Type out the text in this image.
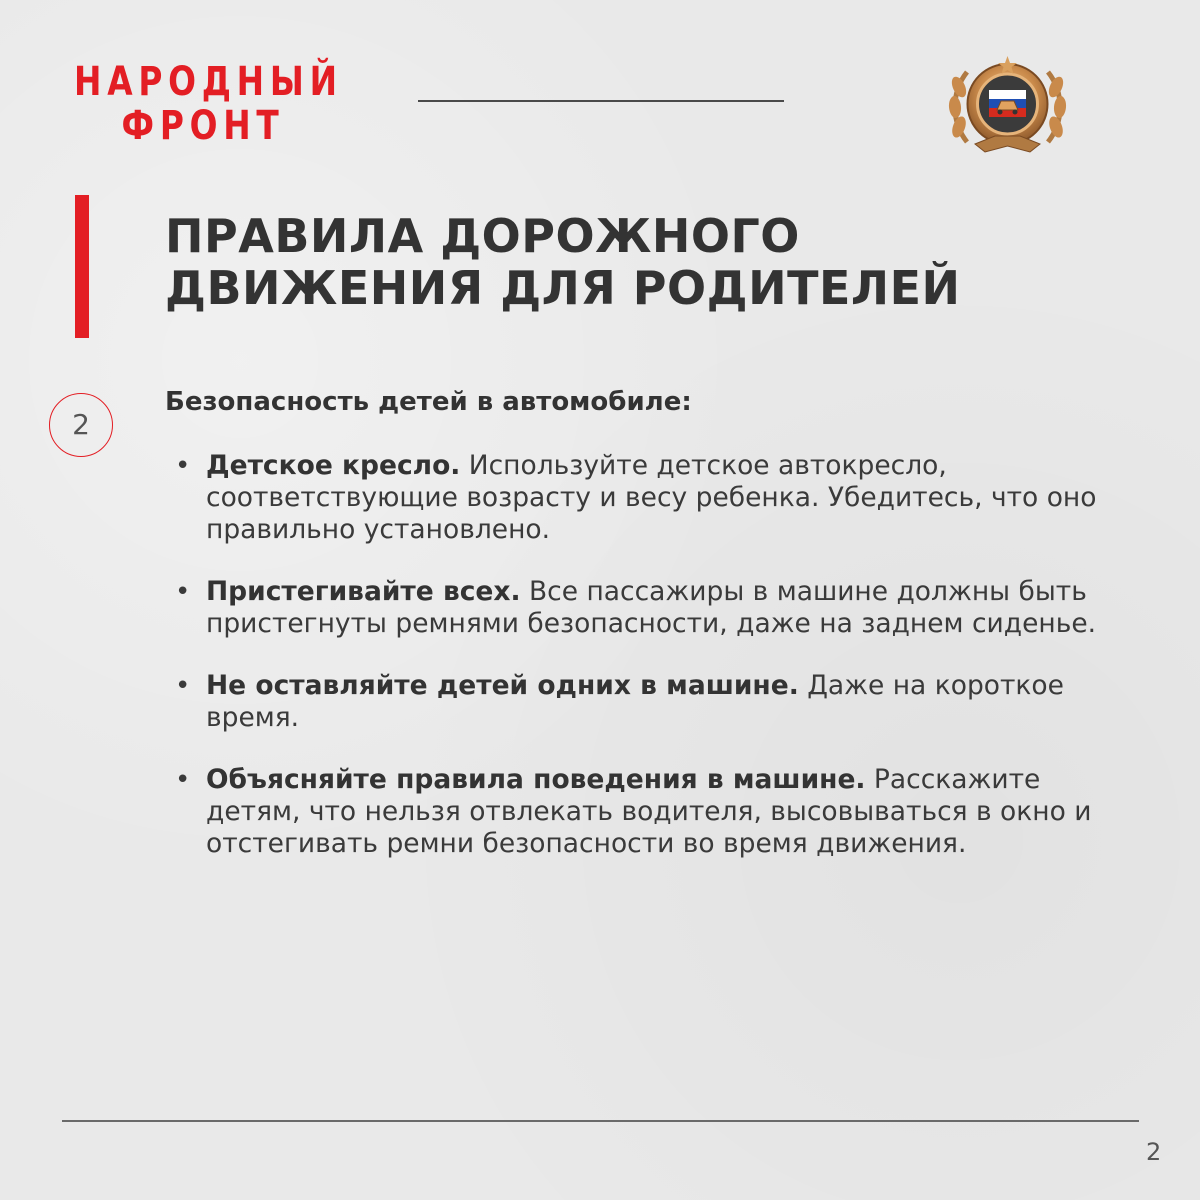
НАРОДНЫЙ
ФРОНТ
ПРАВИЛА ДОРОЖНОГО
ДВИЖЕНИЯ ДЛЯ РОДИТЕЛЕЙ
2
Безопасность детей в автомобиле:
• Детское кресло. Используйте детское автокресло, соответствующие возрасту и весу ребенка. Убедитесь, что оно правильно установлено.
• Пристегивайте всех. Все пассажиры в машине должны быть пристегнуты ремнями безопасности, даже на заднем сиденье.
• Не оставляйте детей одних в машине. Даже на короткое время.
• Объясняйте правила поведения в машине. Расскажите детям, что нельзя отвлекать водителя, высовываться в окно и отстегивать ремни безопасности во время движения.
2
